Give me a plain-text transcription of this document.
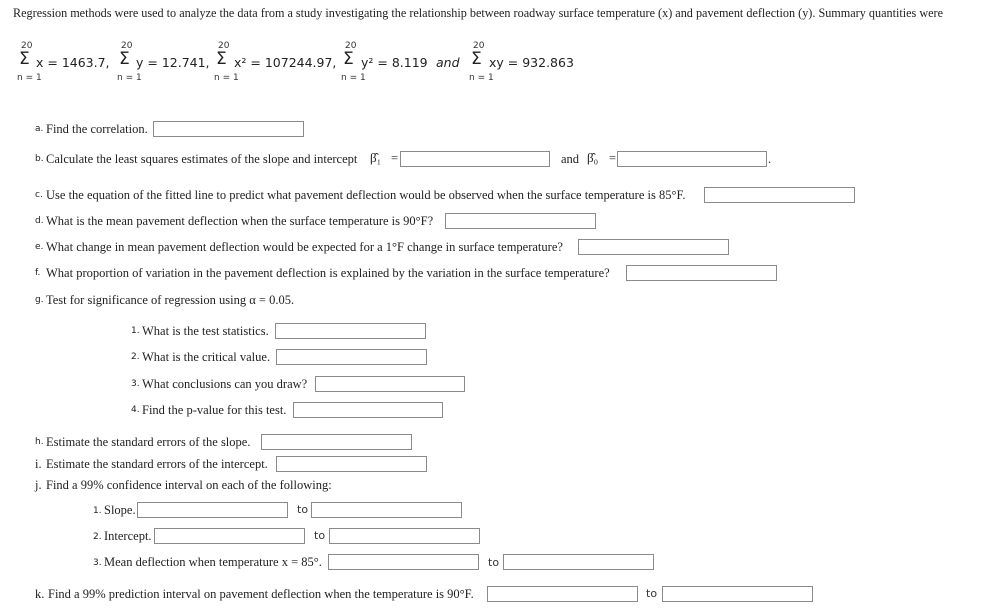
Regression methods were used to analyze the data from a study investigating the relationship between roadway surface temperature (x) and pavement deflection (y). Summary quantities were
20
Σ
n = 1
x = 1463.7,
20
Σ
n = 1
y = 12.741,
20
Σ
n = 1
x² = 107244.97,
20
Σ
n = 1
y² = 8.119 and
20
Σ
n = 1
xy = 932.863
a. Find the correlation.
b. Calculate the least squares estimates of the slope and intercept β̂₁ =	and β̂₀ =	.
c. Use the equation of the fitted line to predict what pavement deflection would be observed when the surface temperature is 85°F.
d. What is the mean pavement deflection when the surface temperature is 90°F?
e. What change in mean pavement deflection would be expected for a 1°F change in surface temperature?
f. What proportion of variation in the pavement deflection is explained by the variation in the surface temperature?
g. Test for significance of regression using α = 0.05.
1. What is the test statistics.
2. What is the critical value.
3. What conclusions can you draw?
4. Find the p-value for this test.
h. Estimate the standard errors of the slope.
i. Estimate the standard errors of the intercept.
j. Find a 99% confidence interval on each of the following:
1. Slope.	to
2. Intercept.	to
3. Mean deflection when temperature x = 85°.	to
k. Find a 99% prediction interval on pavement deflection when the temperature is 90°F.	to
